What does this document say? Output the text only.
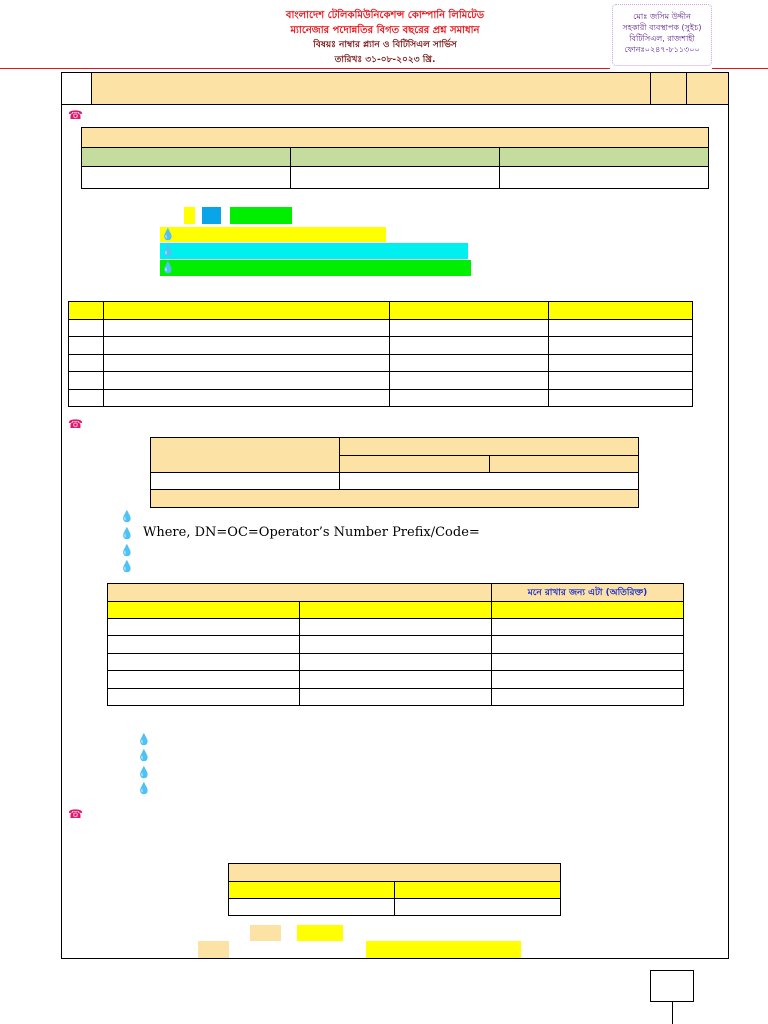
বাংলাদেশ টেলিকমিউনিকেশন্স কোম্পানি লিমিটেড
ম্যানেজার পদোন্নতির বিগত বছরের প্রশ্ন সমাধান
বিষয়ঃ নাম্বার প্ল্যান ও বিটিসিএল সার্ভিস
তারিখঃ ৩১-০৮-২০২৩ খ্রি.
মোঃ জসিম উদ্দীন
সহকারী ব্যবস্থাপক (সুইচ)
বিটিসিএল, রাজশাহী
ফোনঃ০২৪৭-৮১১৩০০

☎

💧
💧
💧

☎

💧
💧 Where, DN=OC=Operator’s Number Prefix/Code=
💧
💧

		মনে রাখার জন্য এটা (অতিরিক্ত)

💧
💧
💧
💧
☎
